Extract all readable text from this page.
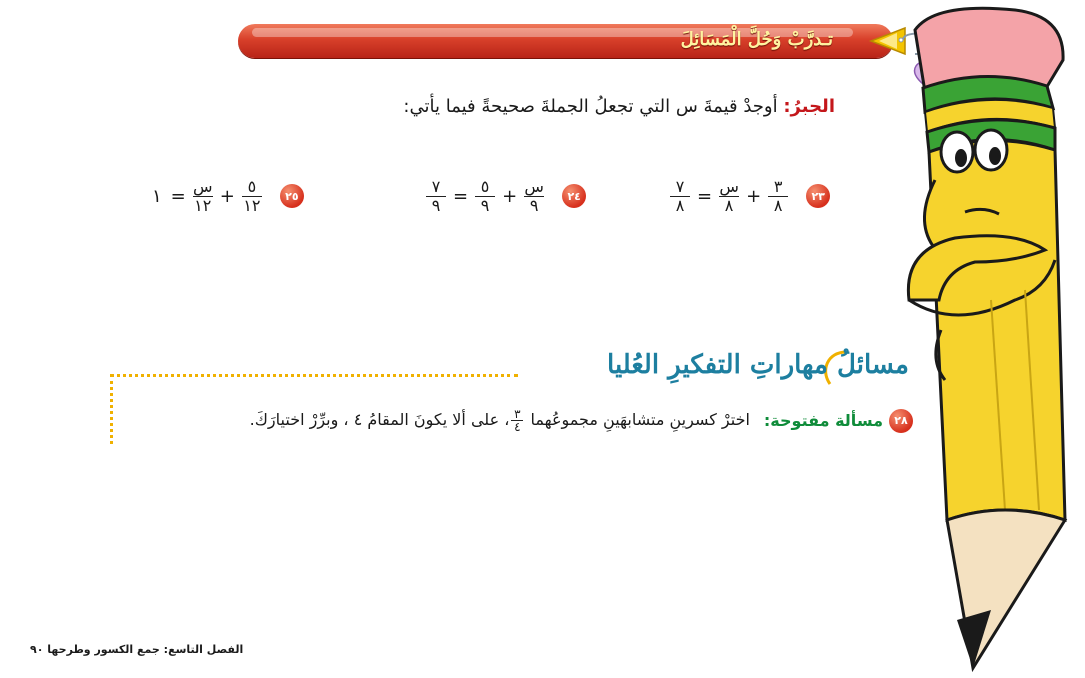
تـدرَّبْ وَحُلَّ الْمَسَائِلَ
الجبرُ: أوجدْ قيمةَ س التي تجعلُ الجملةَ صحيحةً فيما يأتي:
$\frac{٧}{٨} = \frac{\text{س}}{٨} + \frac{٣}{٨}$	٢٣
$\frac{٧}{٩} = \frac{٥}{٩} + \frac{\text{س}}{٩}$	٢٤
١ = $\frac{\text{س}}{١٢} + \frac{٥}{١٢}$	٢٥
مسائلُ مهاراتِ التفكيرِ العُليا
٢٨
مسألة مفتوحة:
اخترْ كسرينِ متشابهَينِ مجموعُهما
$\frac{٣}{٤}$
، على ألا يكونَ المقامُ ٤ ، وبرِّرْ اختيارَكَ.
الفصل التاسع: جمع الكسور وطرحها ٩٠
